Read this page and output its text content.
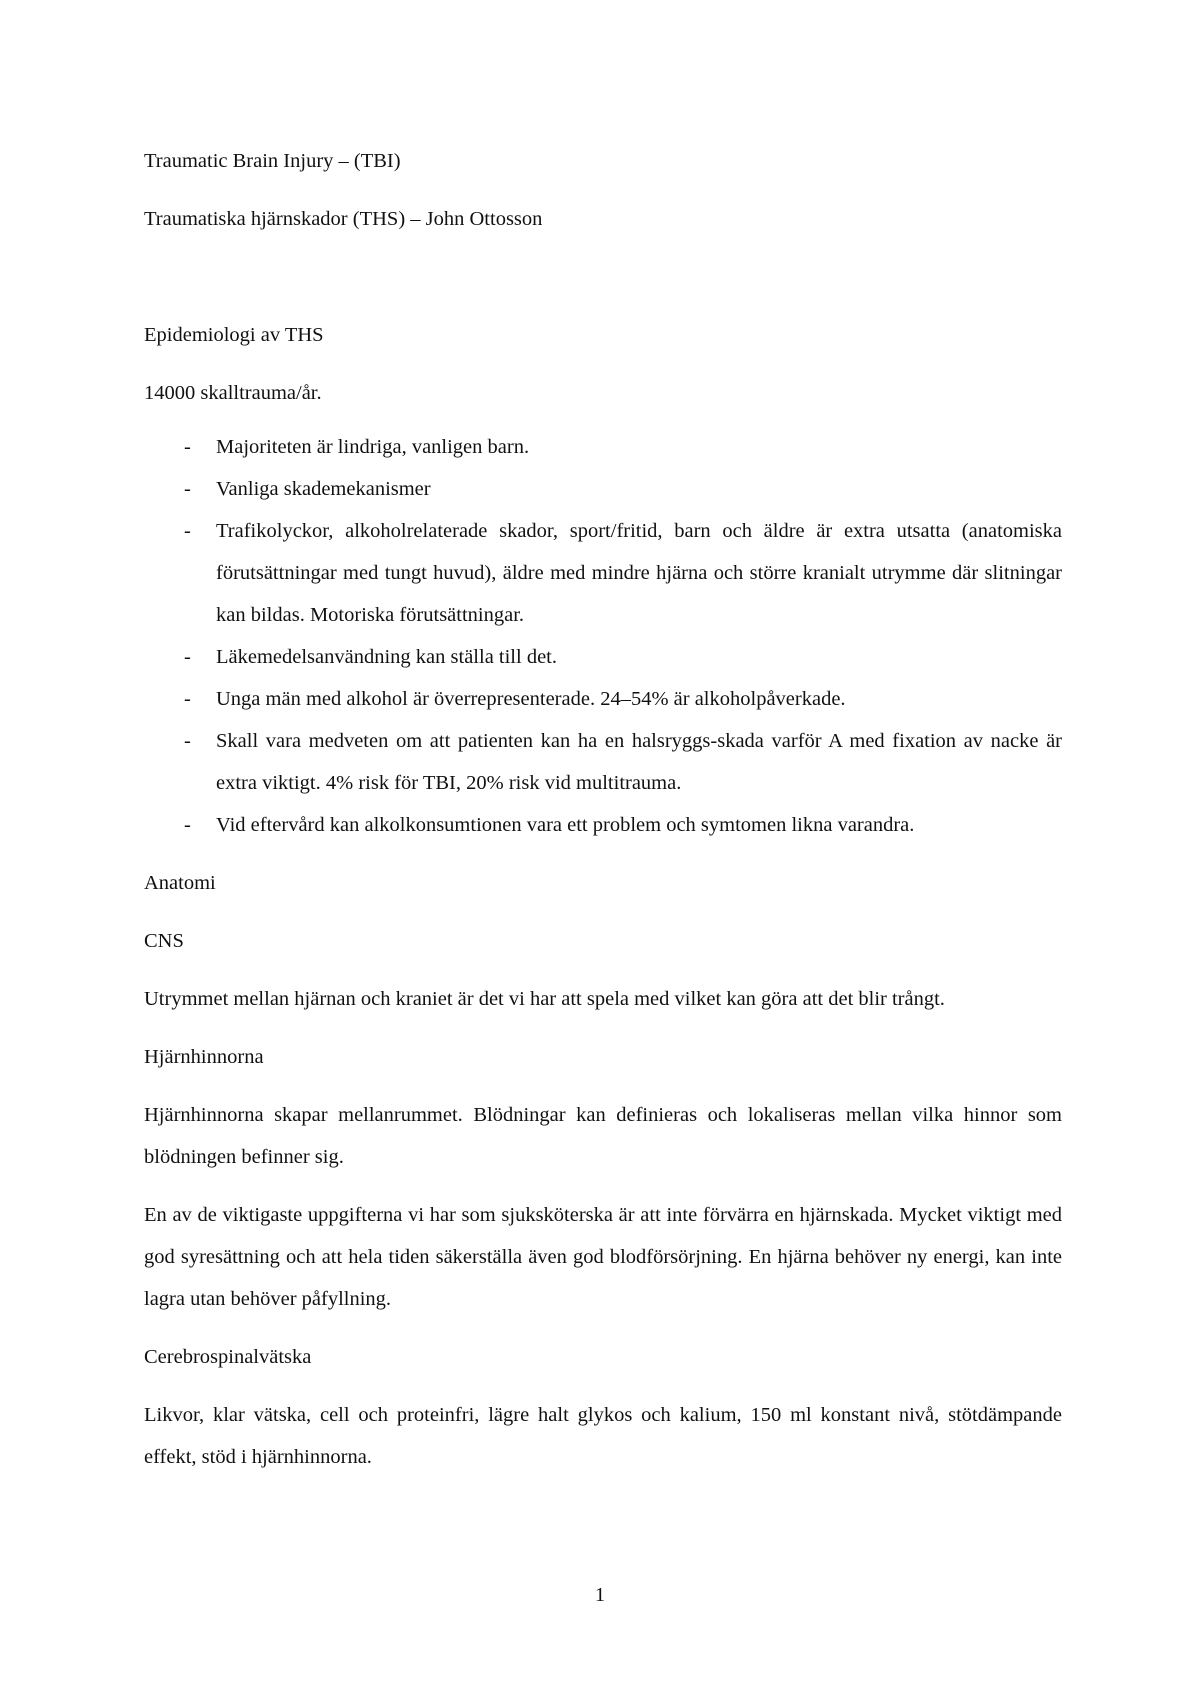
Traumatic Brain Injury – (TBI)

Traumatiska hjärnskador (THS) – John Ottosson

Epidemiologi av THS

14000 skalltrauma/år.

- Majoriteten är lindriga, vanligen barn.
- Vanliga skademekanismer
- Trafikolyckor, alkoholrelaterade skador, sport/fritid, barn och äldre är extra utsatta (anatomiska förutsättningar med tungt huvud), äldre med mindre hjärna och större kranialt utrymme där slitningar kan bildas. Motoriska förutsättningar.
- Läkemedelsanvändning kan ställa till det.
- Unga män med alkohol är överrepresenterade. 24–54% är alkoholpåverkade.
- Skall vara medveten om att patienten kan ha en halsryggs-skada varför A med fixation av nacke är extra viktigt. 4% risk för TBI, 20% risk vid multitrauma.
- Vid eftervård kan alkolkonsumtionen vara ett problem och symtomen likna varandra.

Anatomi

CNS

Utrymmet mellan hjärnan och kraniet är det vi har att spela med vilket kan göra att det blir trångt.

Hjärnhinnorna

Hjärnhinnorna skapar mellanrummet. Blödningar kan definieras och lokaliseras mellan vilka hinnor som blödningen befinner sig.

En av de viktigaste uppgifterna vi har som sjuksköterska är att inte förvärra en hjärnskada. Mycket viktigt med god syresättning och att hela tiden säkerställa även god blodförsörjning. En hjärna behöver ny energi, kan inte lagra utan behöver påfyllning.

Cerebrospinalvätska

Likvor, klar vätska, cell och proteinfri, lägre halt glykos och kalium, 150 ml konstant nivå, stötdämpande effekt, stöd i hjärnhinnorna.

1
